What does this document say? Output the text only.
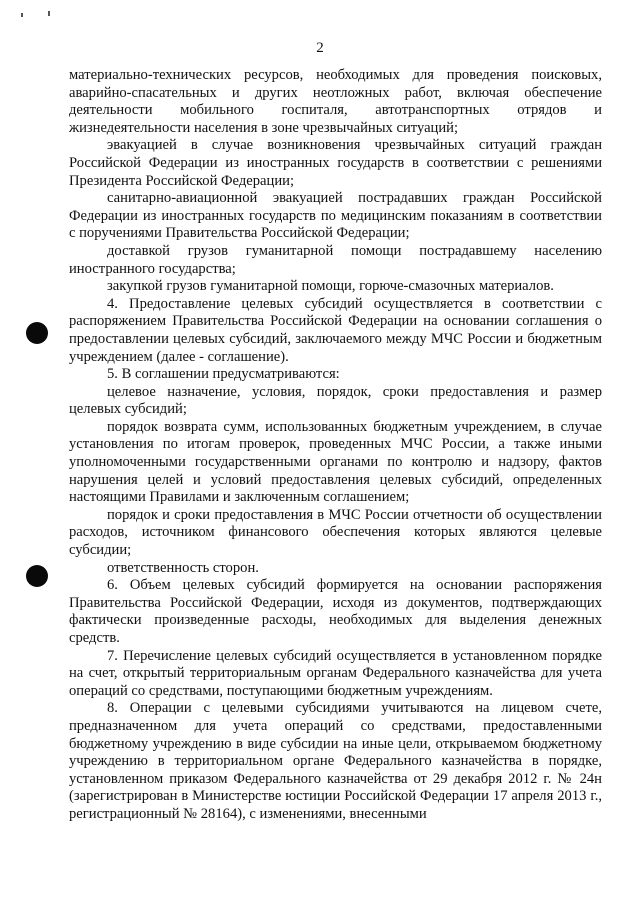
2

материально-технических ресурсов, необходимых для проведения поисковых, аварийно-спасательных и других неотложных работ, включая обеспечение деятельности мобильного госпиталя, автотранспортных отрядов и жизнедеятельности населения в зоне чрезвычайных ситуаций;

эвакуацией в случае возникновения чрезвычайных ситуаций граждан Российской Федерации из иностранных государств в соответствии с решениями Президента Российской Федерации;

санитарно-авиационной эвакуацией пострадавших граждан Российской Федерации из иностранных государств по медицинским показаниям в соответствии с поручениями Правительства Российской Федерации;

доставкой грузов гуманитарной помощи пострадавшему населению иностранного государства;

закупкой грузов гуманитарной помощи, горюче-смазочных материалов.

4. Предоставление целевых субсидий осуществляется в соответствии с распоряжением Правительства Российской Федерации на основании соглашения о предоставлении целевых субсидий, заключаемого между МЧС России и бюджетным учреждением (далее - соглашение).

5. В соглашении предусматриваются:

целевое назначение, условия, порядок, сроки предоставления и размер целевых субсидий;

порядок возврата сумм, использованных бюджетным учреждением, в случае установления по итогам проверок, проведенных МЧС России, а также иными уполномоченными государственными органами по контролю и надзору, фактов нарушения целей и условий предоставления целевых субсидий, определенных настоящими Правилами и заключенным соглашением;

порядок и сроки предоставления в МЧС России отчетности об осуществлении расходов, источником финансового обеспечения которых являются целевые субсидии;

ответственность сторон.

6. Объем целевых субсидий формируется на основании распоряжения Правительства Российской Федерации, исходя из документов, подтверждающих фактически произведенные расходы, необходимых для выделения денежных средств.

7. Перечисление целевых субсидий осуществляется в установленном порядке на счет, открытый территориальным органам Федерального казначейства для учета операций со средствами, поступающими бюджетным учреждениям.

8. Операции с целевыми субсидиями учитываются на лицевом счете, предназначенном для учета операций со средствами, предоставленными бюджетному учреждению в виде субсидии на иные цели, открываемом бюджетному учреждению в территориальном органе Федерального казначейства в порядке, установленном приказом Федерального казначейства от 29 декабря 2012 г. № 24н (зарегистрирован в Министерстве юстиции Российской Федерации 17 апреля 2013 г., регистрационный № 28164), с изменениями, внесенными
